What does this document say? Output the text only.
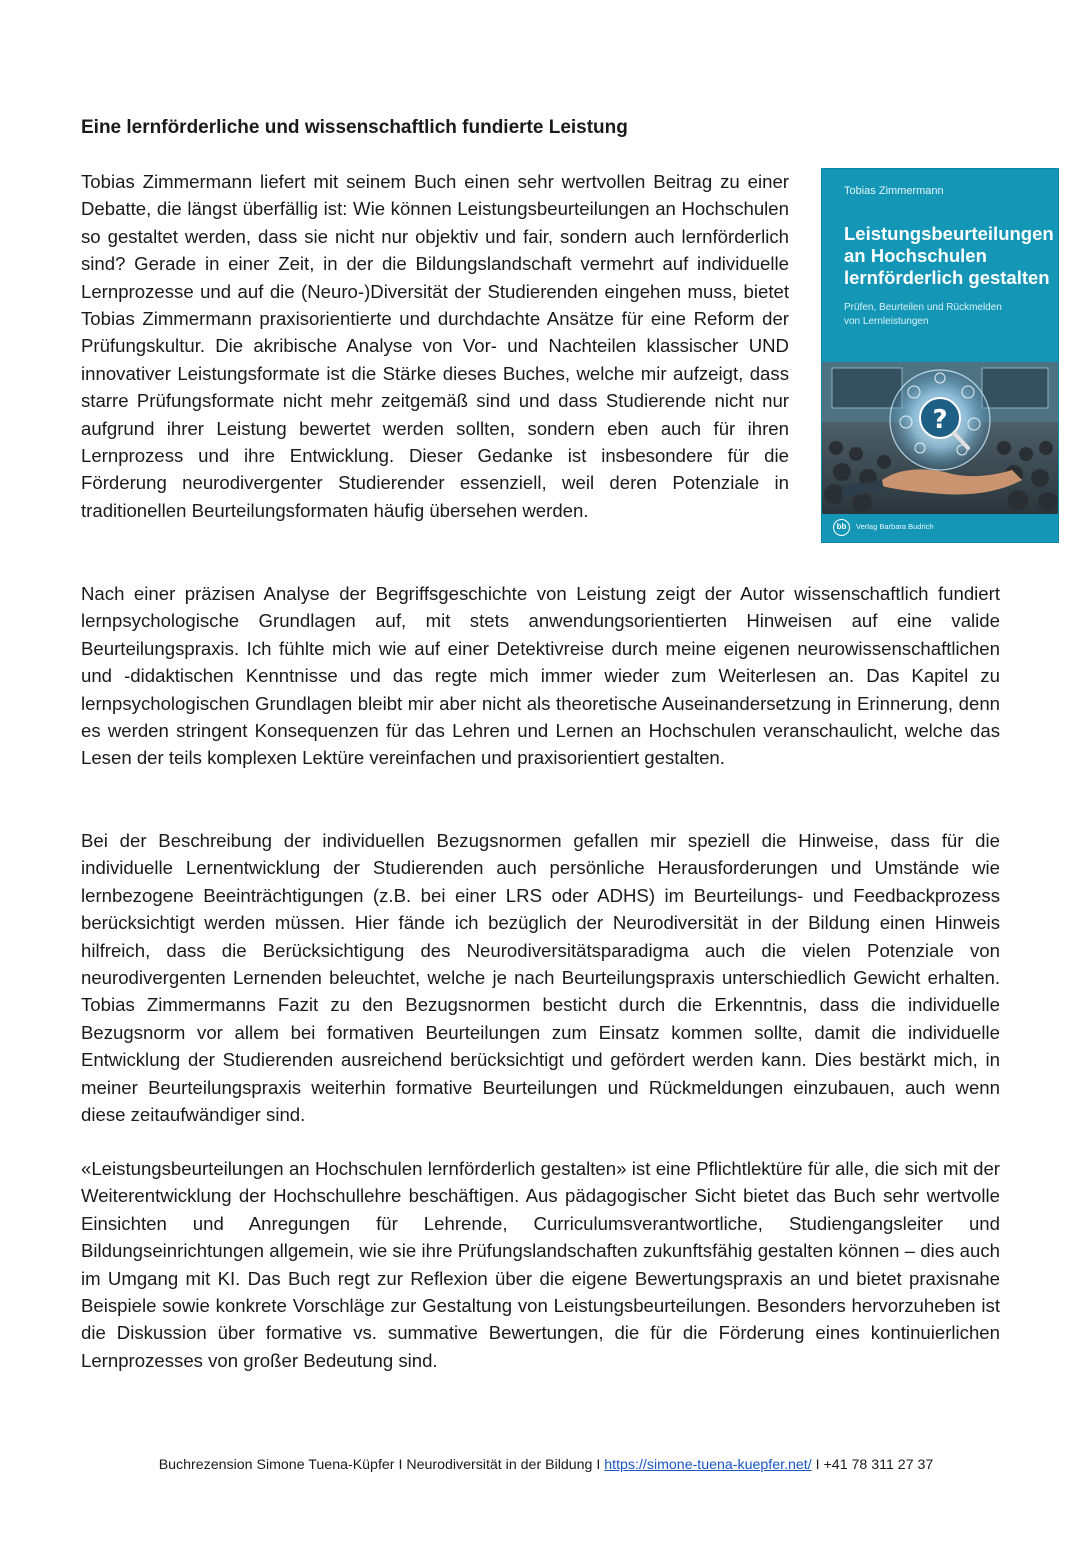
Eine lernförderliche und wissenschaftlich fundierte Leistung

Tobias Zimmermann liefert mit seinem Buch einen sehr wertvollen Beitrag zu einer Debatte, die längst überfällig ist: Wie können Leistungsbeurteilungen an Hochschulen so gestaltet werden, dass sie nicht nur objektiv und fair, sondern auch lernförderlich sind? Gerade in einer Zeit, in der die Bildungslandschaft vermehrt auf individuelle Lernprozesse und auf die (Neuro-)Diversität der Studierenden eingehen muss, bietet Tobias Zimmermann praxisorientierte und durchdachte Ansätze für eine Reform der Prüfungskultur. Die akribische Analyse von Vor- und Nachteilen klassischer UND innovativer Leistungsformate ist die Stärke dieses Buches, welche mir aufzeigt, dass starre Prüfungsformate nicht mehr zeitgemäß sind und dass Studierende nicht nur aufgrund ihrer Leistung bewertet werden sollten, sondern eben auch für ihren Lernprozess und ihre Entwicklung. Dieser Gedanke ist insbesondere für die Förderung neurodivergenter Studierender essenziell, weil deren Potenziale in traditionellen Beurteilungsformaten häufig übersehen werden.

Tobias Zimmermann
Leistungsbeurteilungen
an Hochschulen
lernförderlich gestalten
Prüfen, Beurteilen und Rückmelden
von Lernleistungen
?
bb	Verlag Barbara Budrich

Nach einer präzisen Analyse der Begriffsgeschichte von Leistung zeigt der Autor wissenschaftlich fundiert lernpsychologische Grundlagen auf, mit stets anwendungsorientierten Hinweisen auf eine valide Beurteilungspraxis. Ich fühlte mich wie auf einer Detektivreise durch meine eigenen neurowissenschaftlichen und -didaktischen Kenntnisse und das regte mich immer wieder zum Weiterlesen an. Das Kapitel zu lernpsychologischen Grundlagen bleibt mir aber nicht als theoretische Auseinandersetzung in Erinnerung, denn es werden stringent Konsequenzen für das Lehren und Lernen an Hochschulen veranschaulicht, welche das Lesen der teils komplexen Lektüre vereinfachen und praxisorientiert gestalten.

Bei der Beschreibung der individuellen Bezugsnormen gefallen mir speziell die Hinweise, dass für die individuelle Lernentwicklung der Studierenden auch persönliche Herausforderungen und Umstände wie lernbezogene Beeinträchtigungen (z.B. bei einer LRS oder ADHS) im Beurteilungs- und Feedbackprozess berücksichtigt werden müssen. Hier fände ich bezüglich der Neurodiversität in der Bildung einen Hinweis hilfreich, dass die Berücksichtigung des Neurodiversitätsparadigma auch die vielen Potenziale von neurodivergenten Lernenden beleuchtet, welche je nach Beurteilungspraxis unterschiedlich Gewicht erhalten. Tobias Zimmermanns Fazit zu den Bezugsnormen besticht durch die Erkenntnis, dass die individuelle Bezugsnorm vor allem bei formativen Beurteilungen zum Einsatz kommen sollte, damit die individuelle Entwicklung der Studierenden ausreichend berücksichtigt und gefördert werden kann. Dies bestärkt mich, in meiner Beurteilungspraxis weiterhin formative Beurteilungen und Rückmeldungen einzubauen, auch wenn diese zeitaufwändiger sind.

«Leistungsbeurteilungen an Hochschulen lernförderlich gestalten» ist eine Pflichtlektüre für alle, die sich mit der Weiterentwicklung der Hochschullehre beschäftigen. Aus pädagogischer Sicht bietet das Buch sehr wertvolle Einsichten und Anregungen für Lehrende, Curriculumsverantwortliche, Studiengangsleiter und Bildungseinrichtungen allgemein, wie sie ihre Prüfungslandschaften zukunftsfähig gestalten können – dies auch im Umgang mit KI. Das Buch regt zur Reflexion über die eigene Bewertungspraxis an und bietet praxisnahe Beispiele sowie konkrete Vorschläge zur Gestaltung von Leistungsbeurteilungen. Besonders hervorzuheben ist die Diskussion über formative vs. summative Bewertungen, die für die Förderung eines kontinuierlichen Lernprozesses von großer Bedeutung sind.

Buchrezension Simone Tuena-Küpfer I Neurodiversität in der Bildung I https://simone-tuena-kuepfer.net/ I +41 78 311 27 37
